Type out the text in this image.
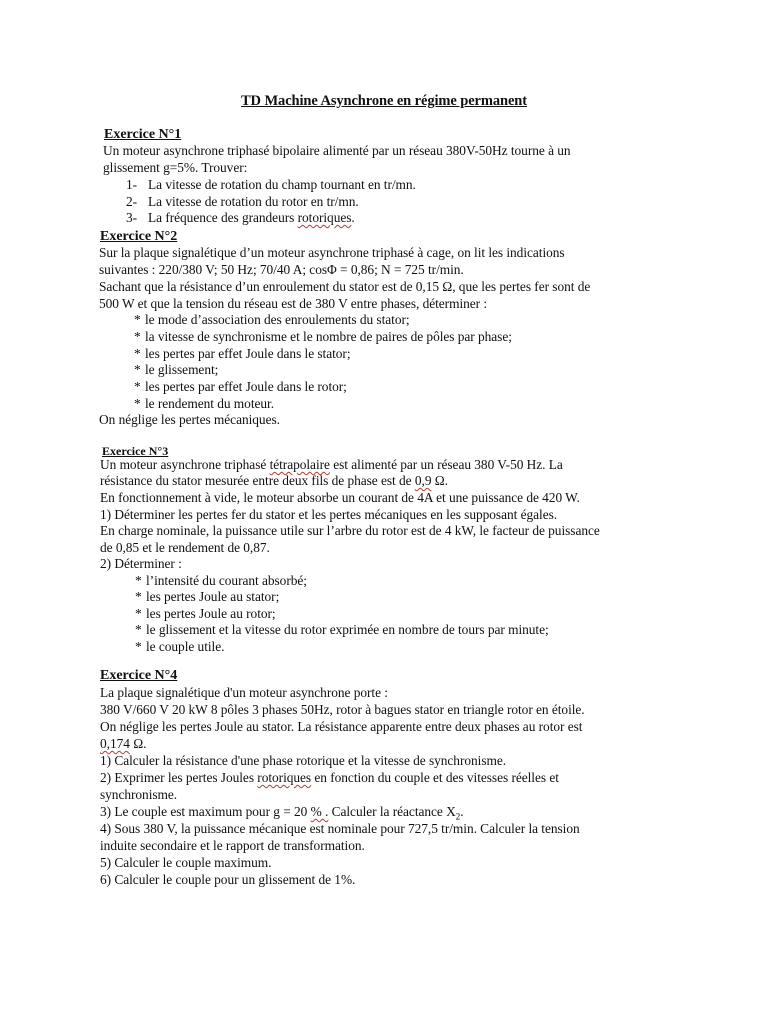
TD Machine Asynchrone en régime permanent
Exercice N°1
Un moteur asynchrone triphasé bipolaire alimenté par un réseau 380V-50Hz tourne à un
glissement g=5%. Trouver:
1- La vitesse de rotation du champ tournant en tr/mn.
2- La vitesse de rotation du rotor en tr/mn.
3- La fréquence des grandeurs rotoriques.
Exercice N°2
Sur la plaque signalétique d’un moteur asynchrone triphasé à cage, on lit les indications
suivantes : 220/380 V; 50 Hz; 70/40 A; cosΦ = 0,86; N = 725 tr/min.
Sachant que la résistance d’un enroulement du stator est de 0,15 Ω, que les pertes fer sont de
500 W et que la tension du réseau est de 380 V entre phases, déterminer :
* le mode d’association des enroulements du stator;
* la vitesse de synchronisme et le nombre de paires de pôles par phase;
* les pertes par effet Joule dans le stator;
* le glissement;
* les pertes par effet Joule dans le rotor;
* le rendement du moteur.
On néglige les pertes mécaniques.
Exercice N°3
Un moteur asynchrone triphasé tétrapolaire est alimenté par un réseau 380 V-50 Hz. La
résistance du stator mesurée entre deux fils de phase est de 0,9 Ω.
En fonctionnement à vide, le moteur absorbe un courant de 4A et une puissance de 420 W.
1) Déterminer les pertes fer du stator et les pertes mécaniques en les supposant égales.
En charge nominale, la puissance utile sur l’arbre du rotor est de 4 kW, le facteur de puissance
de 0,85 et le rendement de 0,87.
2) Déterminer :
* l’intensité du courant absorbé;
* les pertes Joule au stator;
* les pertes Joule au rotor;
* le glissement et la vitesse du rotor exprimée en nombre de tours par minute;
* le couple utile.
Exercice N°4
La plaque signalétique d'un moteur asynchrone porte :
380 V/660 V 20 kW 8 pôles 3 phases 50Hz, rotor à bagues stator en triangle rotor en étoile.
On néglige les pertes Joule au stator. La résistance apparente entre deux phases au rotor est
0,174 Ω.
1) Calculer la résistance d'une phase rotorique et la vitesse de synchronisme.
2) Exprimer les pertes Joules rotoriques en fonction du couple et des vitesses réelles et
synchronisme.
3) Le couple est maximum pour g = 20 % . Calculer la réactance $X_2$.
4) Sous 380 V, la puissance mécanique est nominale pour 727,5 tr/min. Calculer la tension
induite secondaire et le rapport de transformation.
5) Calculer le couple maximum.
6) Calculer le couple pour un glissement de 1%.
